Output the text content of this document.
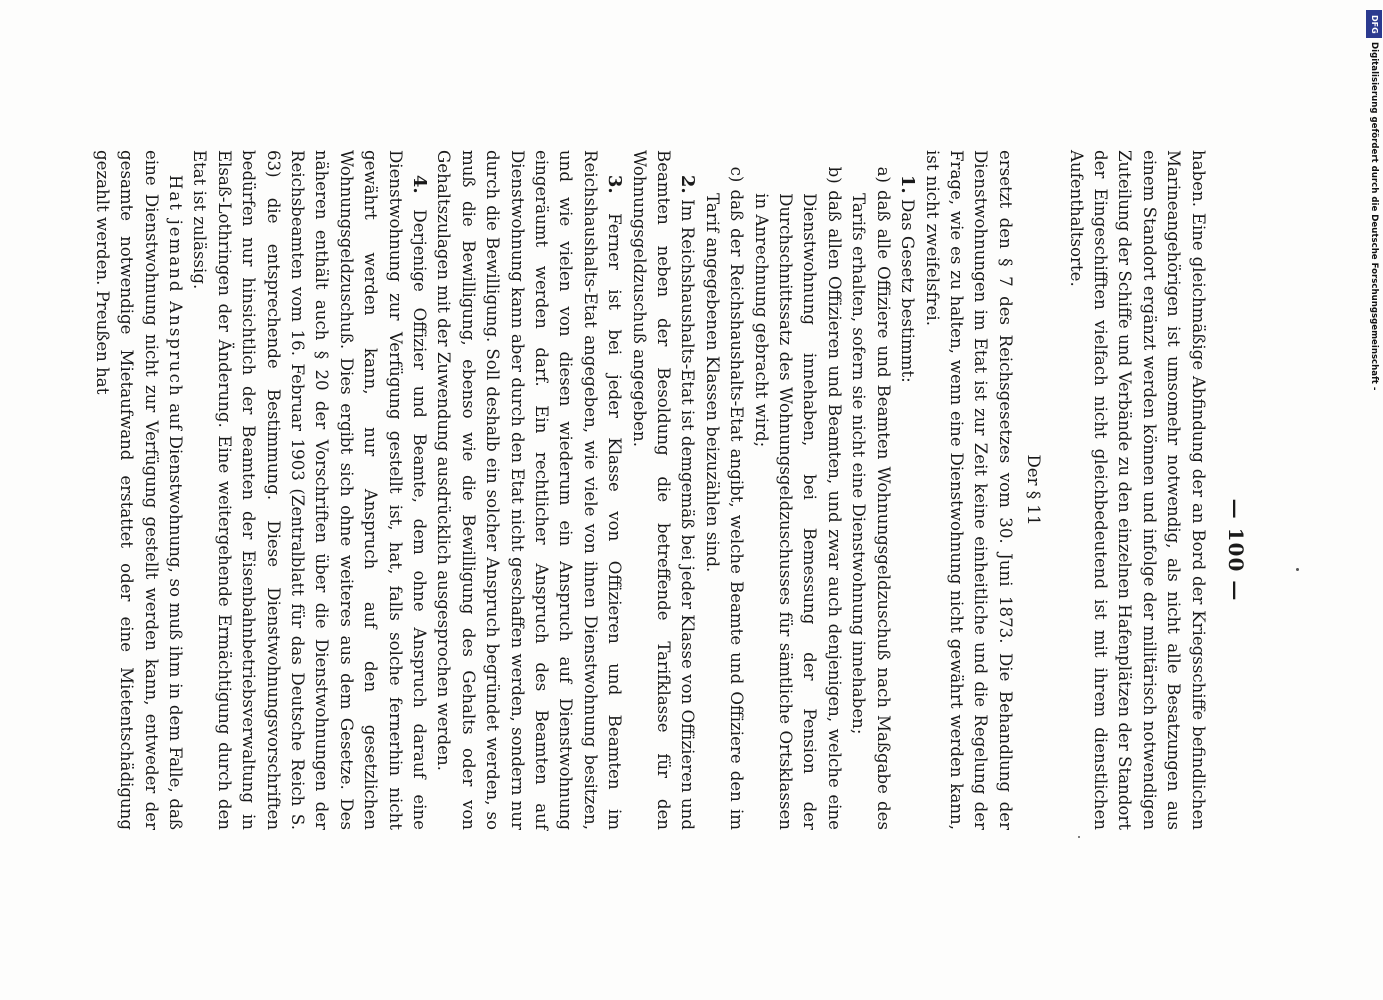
— 100 —

haben. Eine gleichmäßige Abfindung der an Bord der Kriegsschiffe befindlichen Marineangehörigen ist umsomehr notwendig, als nicht alle Besatzungen aus einem Standort ergänzt werden können und infolge der militärisch notwendigen Zuteilung der Schiffe und Verbände zu den einzelnen Hafenplätzen der Standort der Eingeschifften vielfach nicht gleichbedeutend ist mit ihrem dienstlichen Aufenthaltsorte.

Der § 11

ersetzt den § 7 des Reichsgesetzes vom 30. Juni 1873. Die Behandlung der Dienstwohnungen im Etat ist zur Zeit keine einheitliche und die Regelung der Frage, wie es zu halten, wenn eine Dienstwohnung nicht gewährt werden kann, ist nicht zweifelsfrei.

1. Das Gesetz bestimmt:

a) daß alle Offiziere und Beamten Wohnungsgeldzuschuß nach Maßgabe des Tarifs erhalten, sofern sie nicht eine Dienstwohnung innehaben;

b) daß allen Offizieren und Beamten, und zwar auch denjenigen, welche eine Dienstwohnung innehaben, bei Bemessung der Pension der Durchschnittssatz des Wohnungsgeldzuschusses für sämtliche Ortsklassen in Anrechnung gebracht wird;

c) daß der Reichshaushalts-Etat angibt, welche Beamte und Offiziere den im Tarif angegebenen Klassen beizuzählen sind.

2. Im Reichshaushalts-Etat ist demgemäß bei jeder Klasse von Offizieren und Beamten neben der Besoldung die betreffende Tarifklasse für den Wohnungsgeldzuschuß angegeben.

3. Ferner ist bei jeder Klasse von Offizieren und Beamten im Reichshaushalts-Etat angegeben, wie viele von ihnen Dienstwohnung besitzen, und wie vielen von diesen wiederum ein Anspruch auf Dienstwohnung eingeräumt werden darf. Ein rechtlicher Anspruch des Beamten auf Dienstwohnung kann aber durch den Etat nicht geschaffen werden, sondern nur durch die Bewilligung. Soll deshalb ein solcher Anspruch begründet werden, so muß die Bewilligung, ebenso wie die Bewilligung des Gehalts oder von Gehaltszulagen mit der Zuwendung ausdrücklich ausgesprochen werden.

4. Derjenige Offizier und Beamte, dem ohne Anspruch darauf eine Dienstwohnung zur Verfügung gestellt ist, hat, falls solche fernerhin nicht gewährt werden kann, nur Anspruch auf den gesetzlichen Wohnungsgeldzuschuß. Dies ergibt sich ohne weiteres aus dem Gesetze. Des näheren enthält auch § 20 der Vorschriften über die Dienstwohnungen der Reichsbeamten vom 16. Februar 1903 (Zentralblatt für das Deutsche Reich S. 63) die entsprechende Bestimmung. Diese Dienstwohnungsvorschriften bedürfen nur hinsichtlich der Beamten der Eisenbahnbetriebsverwaltung in Elsaß-Lothringen der Änderung. Eine weitergehende Ermächtigung durch den Etat ist zulässig.

Hat jemand Anspruch auf Dienstwohnung, so muß ihm in dem Falle, daß eine Dienstwohnung nicht zur Verfügung gestellt werden kann, entweder der gesamte notwendige Mietaufwand erstattet oder eine Mietentschädigung gezahlt werden. Preußen hat

DFG
Digitalisierung gefördert durch die Deutsche Forschungsgemeinschaft -
